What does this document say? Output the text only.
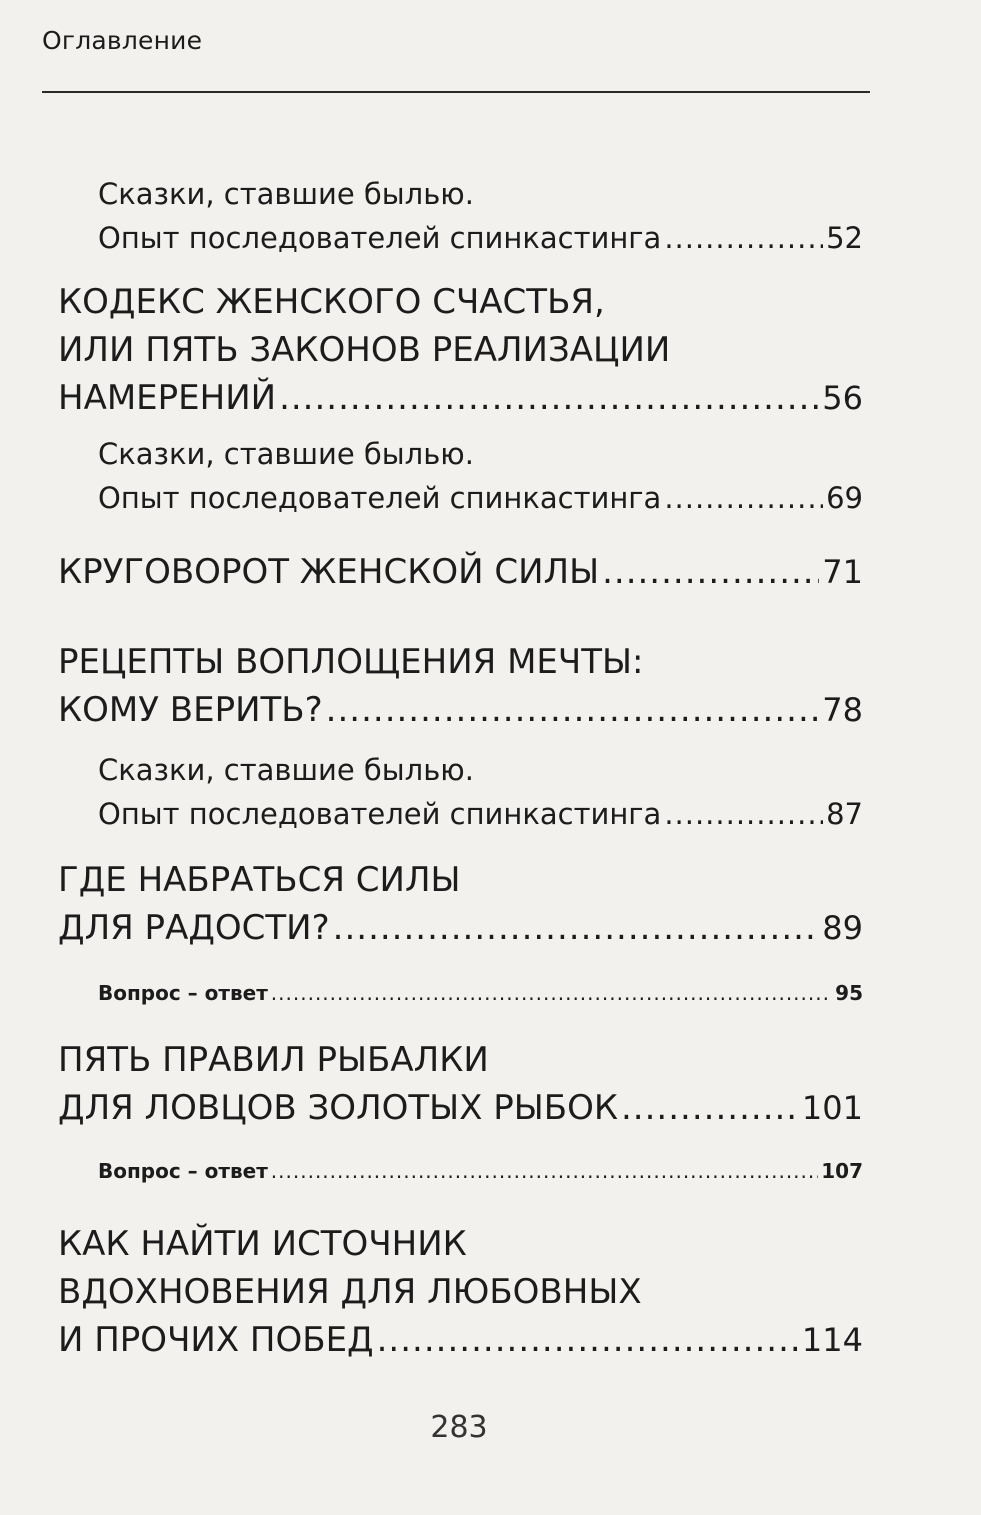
Оглавление
Сказки, ставшие былью.
Опыт последователей спинкастинга .....	52
КОДЕКС ЖЕНСКОГО СЧАСТЬЯ,
ИЛИ ПЯТЬ ЗАКОНОВ РЕАЛИЗАЦИИ
НАМЕРЕНИЙ .....	56
Сказки, ставшие былью.
Опыт последователей спинкастинга .....	69
КРУГОВОРОТ ЖЕНСКОЙ СИЛЫ .....	71
РЕЦЕПТЫ ВОПЛОЩЕНИЯ МЕЧТЫ:
КОМУ ВЕРИТЬ? .....	78
Сказки, ставшие былью.
Опыт последователей спинкастинга .....	87
ГДЕ НАБРАТЬСЯ СИЛЫ
ДЛЯ РАДОСТИ? .....	89
Вопрос – ответ .....	95
ПЯТЬ ПРАВИЛ РЫБАЛКИ
ДЛЯ ЛОВЦОВ ЗОЛОТЫХ РЫБОК .....	101
Вопрос – ответ .....	107
КАК НАЙТИ ИСТОЧНИК
ВДОХНОВЕНИЯ ДЛЯ ЛЮБОВНЫХ
И ПРОЧИХ ПОБЕД .....	114
283
